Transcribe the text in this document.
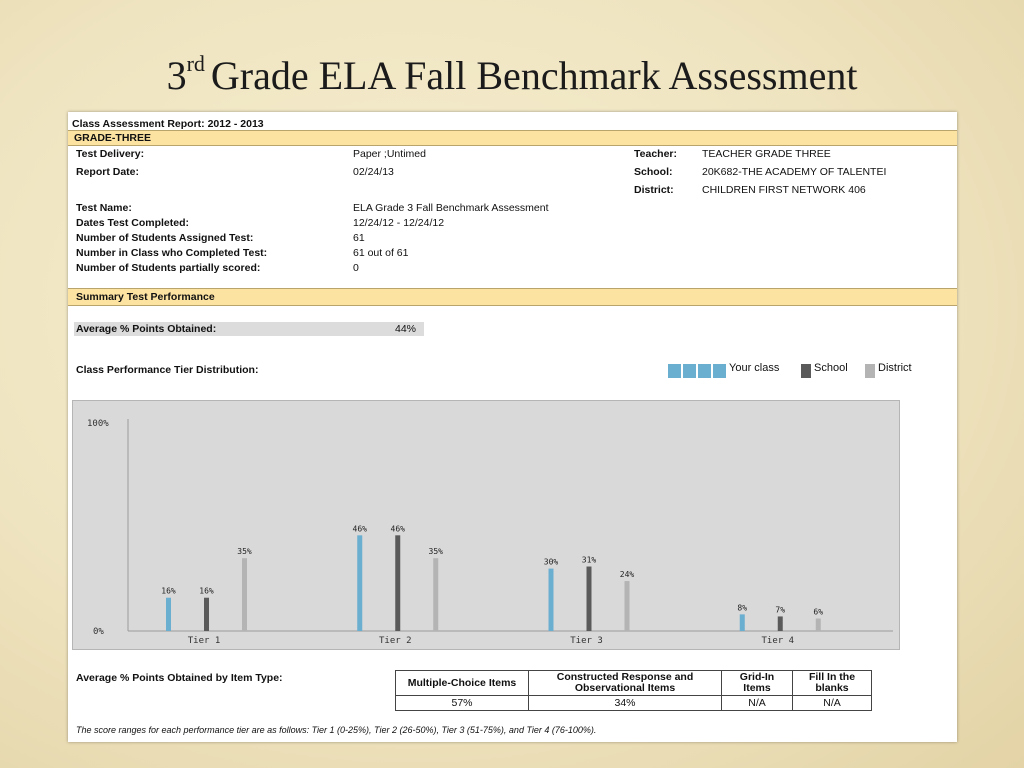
3rd Grade ELA Fall Benchmark Assessment
Class Assessment Report: 2012 - 2013
GRADE-THREE
Test Delivery:	Paper ;Untimed
Report Date:	02/24/13
Test Name:	ELA Grade 3 Fall Benchmark Assessment
Dates Test Completed:	12/24/12 - 12/24/12
Number of Students Assigned Test:	61
Number in Class who Completed Test:	61 out of 61
Number of Students partially scored:	0
Teacher: TEACHER GRADE THREE
School:	20K682-THE ACADEMY OF TALENTEI
District:	CHILDREN FIRST NETWORK 406
Summary Test Performance
Average % Points Obtained:	44%
Class Performance Tier Distribution:	Your class	School	District
0%
100%
16%	16%
35%
Tier 1
46%	46%
35%
Tier 2
30%	31%
24%
Tier 3
8%	7%	6%
Tier 4
Average % Points Obtained by Item Type:	Multiple-Choice Items	Constructed Response and Observational Items	Grid-In Items	Fill In the blanks
57%	34%	N/A	N/A
The score ranges for each performance tier are as follows: Tier 1 (0-25%), Tier 2 (26-50%), Tier 3 (51-75%), and Tier 4 (76-100%).
